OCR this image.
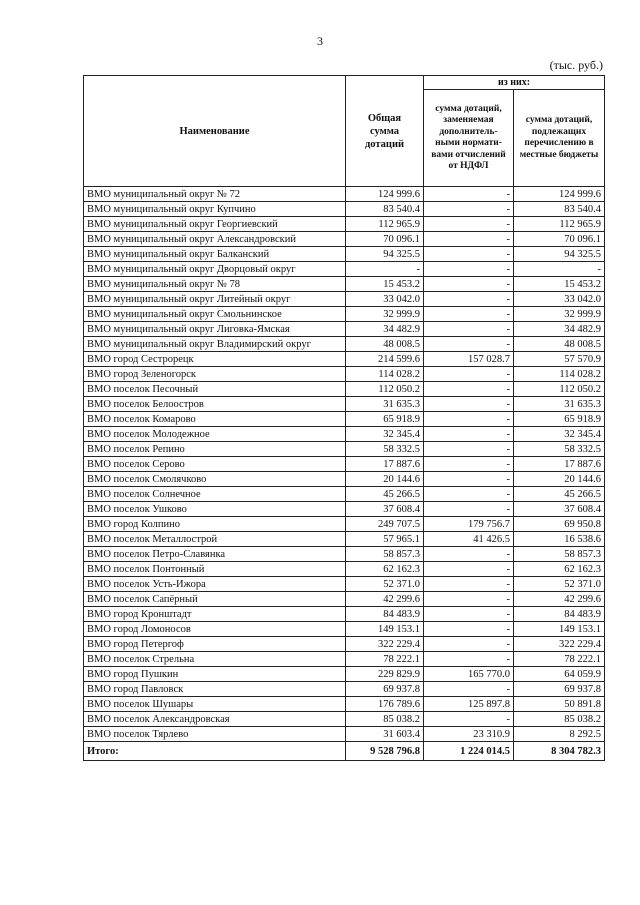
3
(тыс. руб.)
Наименование	Общая сумма дотаций	из них:	
		сумма дотаций, заменяемая дополнитель-ными нормати-вами отчислений от НДФЛ	сумма дотаций, подлежащих перечислению в местные бюджеты
ВМО муниципальный округ № 72	124 999.6	-	124 999.6
ВМО муниципальный округ Купчино	83 540.4	-	83 540.4
ВМО муниципальный округ Георгиевский	112 965.9	-	112 965.9
ВМО муниципальный округ Александровский	70 096.1	-	70 096.1
ВМО муниципальный округ Балканский	94 325.5	-	94 325.5
ВМО муниципальный округ Дворцовый округ	-	-	-
ВМО муниципальный округ № 78	15 453.2	-	15 453.2
ВМО муниципальный округ Литейный округ	33 042.0	-	33 042.0
ВМО муниципальный округ Смольнинское	32 999.9	-	32 999.9
ВМО муниципальный округ Лиговка-Ямская	34 482.9	-	34 482.9
ВМО муниципальный округ Владимирский округ	48 008.5	-	48 008.5
ВМО город Сестрорецк	214 599.6	157 028.7	57 570.9
ВМО город Зеленогорск	114 028.2	-	114 028.2
ВМО поселок Песочный	112 050.2	-	112 050.2
ВМО поселок Белоостров	31 635.3	-	31 635.3
ВМО поселок Комарово	65 918.9	-	65 918.9
ВМО поселок Молодежное	32 345.4	-	32 345.4
ВМО поселок Репино	58 332.5	-	58 332.5
ВМО поселок Серово	17 887.6	-	17 887.6
ВМО поселок Смолячково	20 144.6	-	20 144.6
ВМО поселок Солнечное	45 266.5	-	45 266.5
ВМО поселок Ушково	37 608.4	-	37 608.4
ВМО город Колпино	249 707.5	179 756.7	69 950.8
ВМО поселок Металлострой	57 965.1	41 426.5	16 538.6
ВМО поселок Петро-Славянка	58 857.3	-	58 857.3
ВМО поселок Понтонный	62 162.3	-	62 162.3
ВМО поселок Усть-Ижора	52 371.0	-	52 371.0
ВМО поселок Сапёрный	42 299.6	-	42 299.6
ВМО город Кронштадт	84 483.9	-	84 483.9
ВМО город Ломоносов	149 153.1	-	149 153.1
ВМО город Петергоф	322 229.4	-	322 229.4
ВМО поселок Стрельна	78 222.1	-	78 222.1
ВМО город Пушкин	229 829.9	165 770.0	64 059.9
ВМО город Павловск	69 937.8	-	69 937.8
ВМО поселок Шушары	176 789.6	125 897.8	50 891.8
ВМО поселок Александровская	85 038.2	-	85 038.2
ВМО поселок Тярлево	31 603.4	23 310.9	8 292.5
Итого:	9 528 796.8	1 224 014.5	8 304 782.3
